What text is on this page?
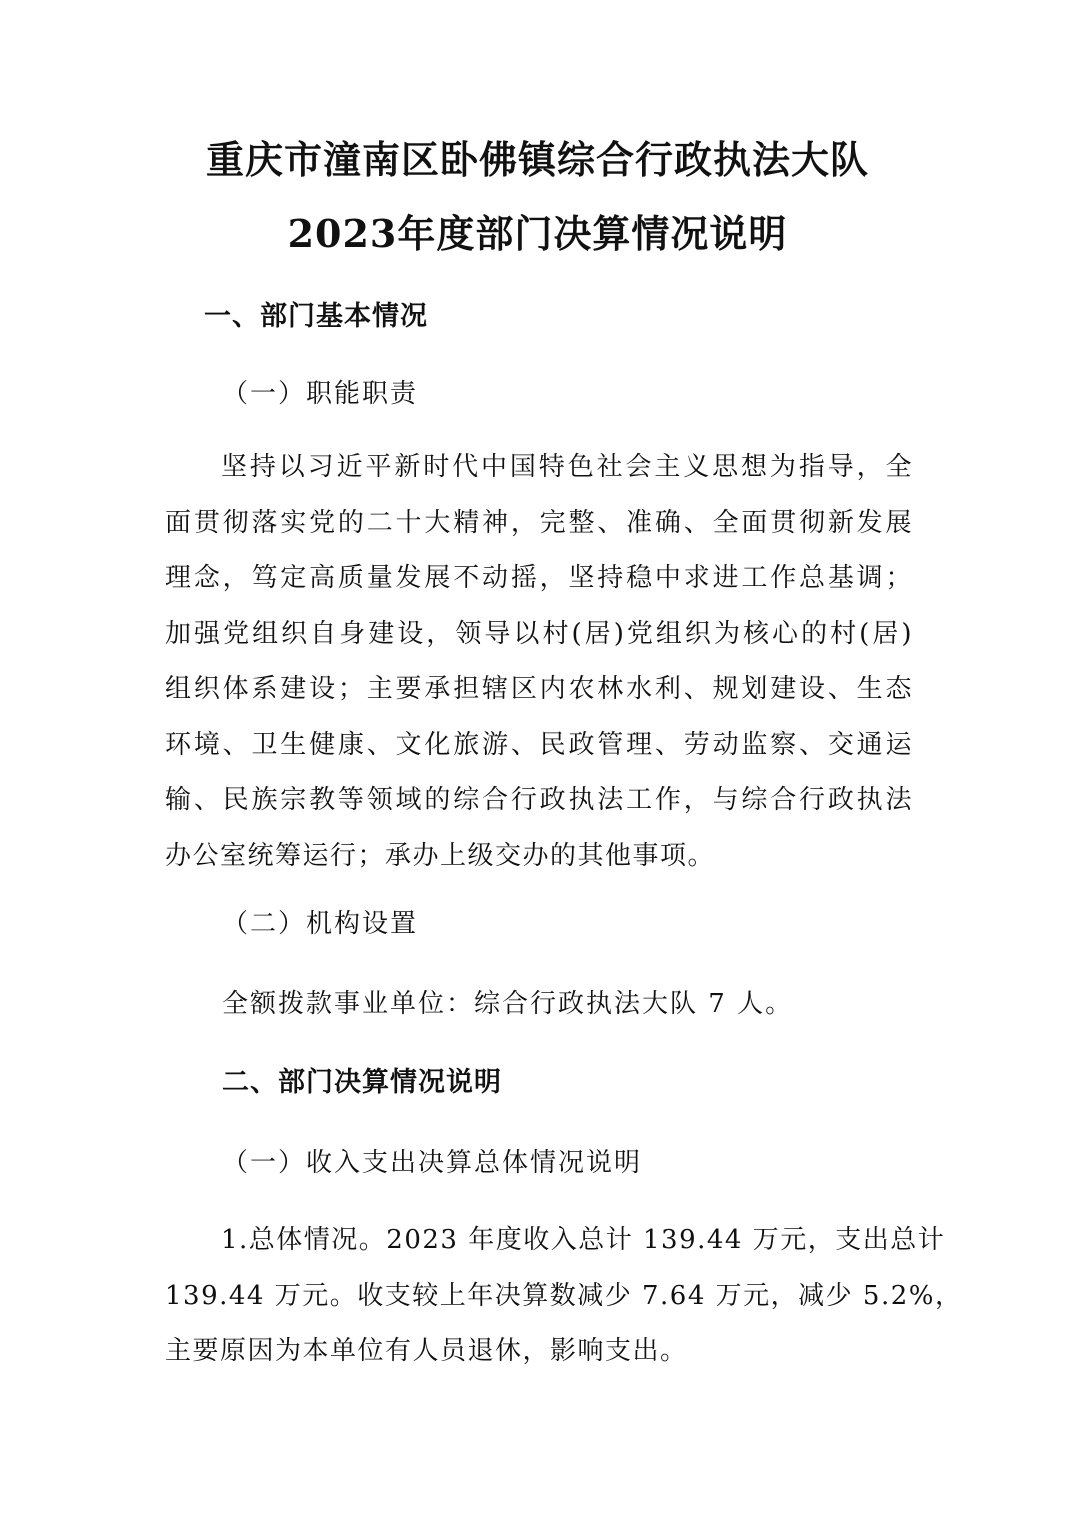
重庆市潼南区卧佛镇综合行政执法大队
2023年度部门决算情况说明
一、部门基本情况
（一）职能职责
坚持以习近平新时代中国特色社会主义思想为指导，全
面贯彻落实党的二十大精神，完整、准确、全面贯彻新发展
理念，笃定高质量发展不动摇，坚持稳中求进工作总基调；
加强党组织自身建设，领导以村(居)党组织为核心的村(居)
组织体系建设；主要承担辖区内农林水利、规划建设、生态
环境、卫生健康、文化旅游、民政管理、劳动监察、交通运
输、民族宗教等领域的综合行政执法工作，与综合行政执法
办公室统筹运行；承办上级交办的其他事项。
（二）机构设置
全额拨款事业单位：综合行政执法大队 7 人。
二、部门决算情况说明
（一）收入支出决算总体情况说明
1.总体情况。2023 年度收入总计 139.44 万元，支出总计
139.44 万元。收支较上年决算数减少 7.64 万元，减少 5.2%，
主要原因为本单位有人员退休，影响支出。
